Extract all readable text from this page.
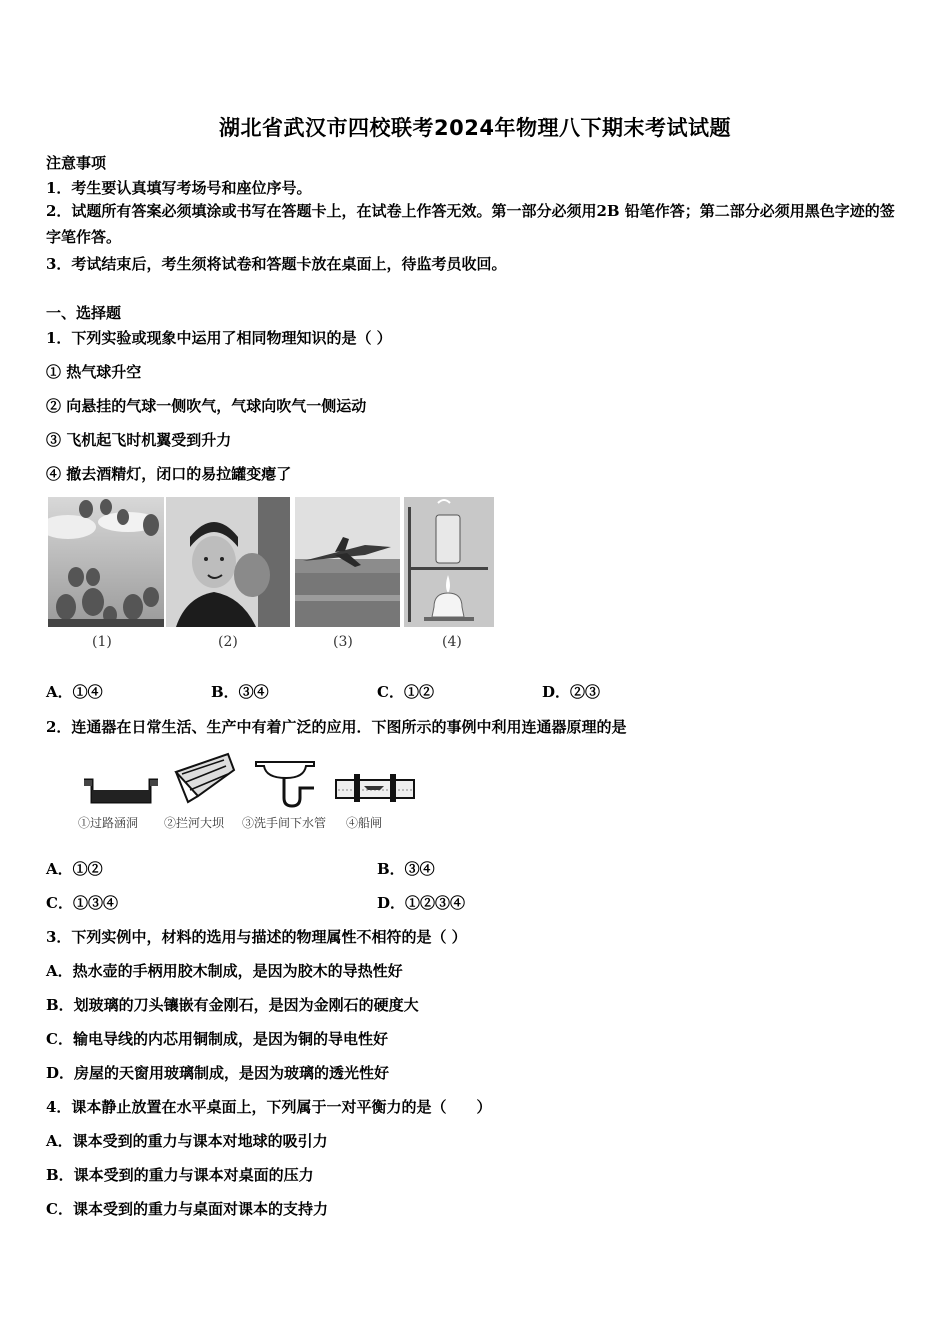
湖北省武汉市四校联考2024年物理八下期末考试试题
注意事项
1．考生要认真填写考场号和座位序号。
2．试题所有答案必须填涂或书写在答题卡上，在试卷上作答无效。第一部分必须用2B 铅笔作答；第二部分必须用黑色字迹的签字笔作答。
3．考试结束后，考生须将试卷和答题卡放在桌面上，待监考员收回。
一、选择题
1．下列实验或现象中运用了相同物理知识的是（ ）
① 热气球升空
② 向悬挂的气球一侧吹气，气球向吹气一侧运动
③ 飞机起飞时机翼受到升力
④ 撤去酒精灯，闭口的易拉罐变瘪了
(1)	(2)	(3)	(4)
A．①④	B．③④	C．①②	D．②③
2．连通器在日常生活、生产中有着广泛的应用．下图所示的事例中利用连通器原理的是
①过路涵洞 ②拦河大坝 ③洗手间下水管 ④船闸
A．①②	B．③④
C．①③④	D．①②③④
3．下列实例中，材料的选用与描述的物理属性不相符的是（ ）
A．热水壶的手柄用胶木制成，是因为胶木的导热性好
B．划玻璃的刀头镶嵌有金刚石，是因为金刚石的硬度大
C．输电导线的内芯用铜制成，是因为铜的导电性好
D．房屋的天窗用玻璃制成，是因为玻璃的透光性好
4．课本静止放置在水平桌面上，下列属于一对平衡力的是（　　）
A．课本受到的重力与课本对地球的吸引力
B．课本受到的重力与课本对桌面的压力
C．课本受到的重力与桌面对课本的支持力
